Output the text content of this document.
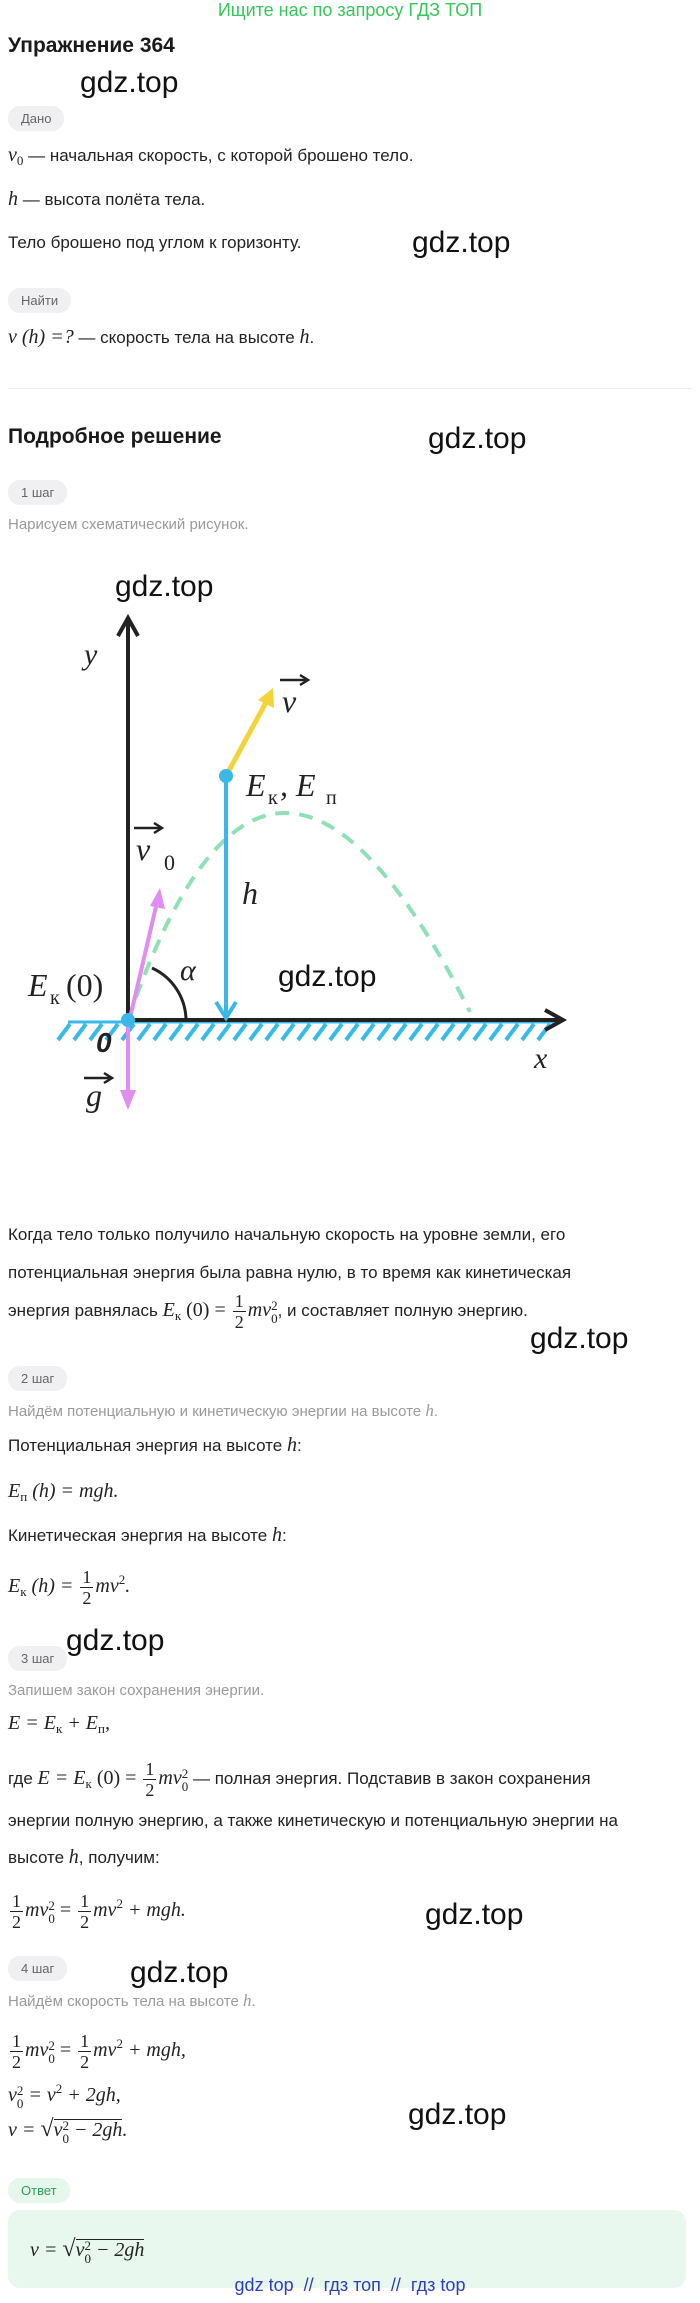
Ищите нас по запросу ГДЗ ТОП
Упражнение 364
gdz.top
Дано
$v_0$ — начальная скорость, с которой брошено тело.
h — высота полёта тела.
Тело брошено под углом к горизонту.	gdz.top
Найти
v (h) =? — скорость тела на высоте h.
Подробное решение	gdz.top
1 шаг
Нарисуем схематический рисунок.
gdz.top
y
x
0
v
v 0
g
h
α
E к (0)
E к , E п
gdz.top
Когда тело только получило начальную скорость на уровне земли, его
потенциальная энергия была равна нулю, в то время как кинетическая
энергия равнялась $E_к$ $(0) = \frac{1}{2}$ mv 2
0 , и составляет полную энергию.
gdz.top
2 шаг
Найдём потенциальную и кинетическую энергии на высоте h.
Потенциальная энергия на высоте h:
$E_п$ (h) = mgh.
Кинетическая энергия на высоте h:
$E_к$ $(h) = \frac{1}{2} mv^2$.
3 шаг
gdz.top
Запишем закон сохранения энергии.
$E = E_к + E_п$,
где $E = E_к$ $(0) = \frac{1}{2}$ mv 2
0 — полная энергия. Подставив в закон сохранения
энергии полную энергию, а также кинетическую и потенциальную энергии на
высоте h, получим:
$\frac{1}{2}$ mv 2
$0 = \frac{1}{2} mv^2$ + mgh.	gdz.top
4 шаг	gdz.top
Найдём скорость тела на высоте h.
$\frac{1}{2}$ mv 2
$0 = \frac{1}{2} mv^2$ + mgh,
v 2
$0 = v^2 + 2gh$,
v = √v 2
0 − 2gh.	gdz.top
Ответ
v = √v 2
0 − 2gh
gdz top  //  гдз топ  //  гдз top
